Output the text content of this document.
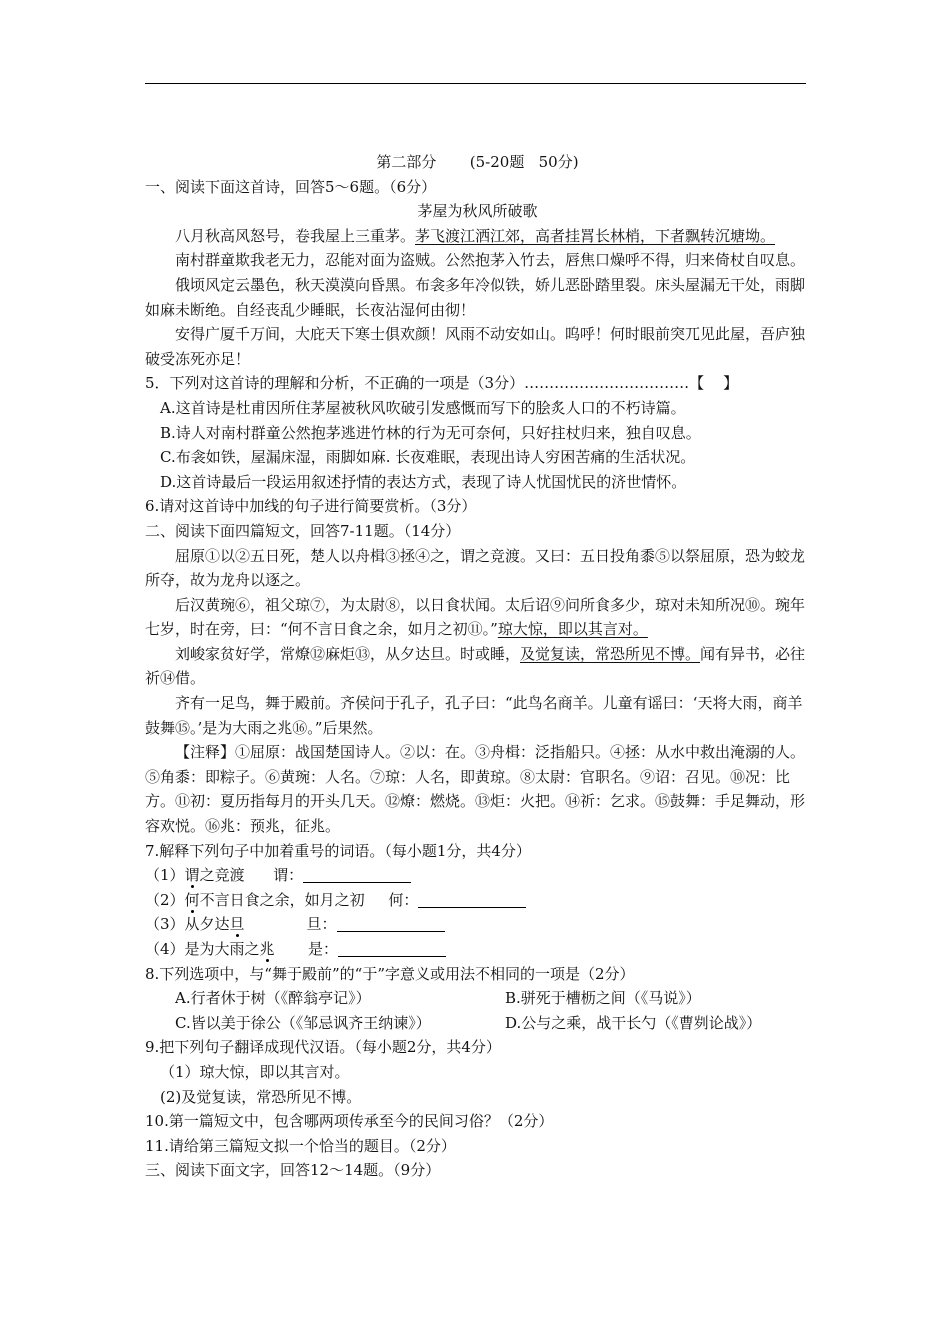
第二部分       (5-20题   50分)
一、阅读下面这首诗，回答5～6题。（6分）
茅屋为秋风所破歌
八月秋高风怒号，卷我屋上三重茅。茅飞渡江洒江郊，高者挂罥长林梢，下者飘转沉塘坳。
南村群童欺我老无力，忍能对面为盗贼。公然抱茅入竹去，唇焦口燥呼不得，归来倚杖自叹息。
俄顷风定云墨色，秋天漠漠向昏黑。布衾多年冷似铁，娇儿恶卧踏里裂。床头屋漏无干处，雨脚如麻未断绝。自经丧乱少睡眠，长夜沾湿何由彻！
安得广厦千万间，大庇天下寒士俱欢颜！风雨不动安如山。呜呼！何时眼前突兀见此屋，吾庐独破受冻死亦足！
5．下列对这首诗的理解和分析，不正确的一项是（3分）……………………………【    】
A.这首诗是杜甫因所住茅屋被秋风吹破引发感慨而写下的脍炙人口的不朽诗篇。
B.诗人对南村群童公然抱茅逃进竹林的行为无可奈何，只好拄杖归来，独自叹息。
C.布衾如铁，屋漏床湿，雨脚如麻. 长夜难眠，表现出诗人穷困苦痛的生活状况。
D.这首诗最后一段运用叙述抒情的表达方式，表现了诗人忧国忧民的济世情怀。
6.请对这首诗中加线的句子进行简要赏析。（3分）
二、阅读下面四篇短文，回答7-11题。（14分）
屈原①以②五日死，楚人以舟楫③拯④之，谓之竞渡。又曰：五日投角黍⑤以祭屈原，恐为蛟龙所夺，故为龙舟以逐之。
后汉黄琬⑥，祖父琼⑦，为太尉⑧，以日食状闻。太后诏⑨问所食多少，琼对未知所况⑩。琬年七岁，时在旁，曰：“何不言日食之余，如月之初⑪。”琼大惊，即以其言对。
刘峻家贫好学，常燎⑫麻炬⑬，从夕达旦。时或睡，及觉复读，常恐所见不博。闻有异书，必往祈⑭借。
齐有一足鸟，舞于殿前。齐侯问于孔子，孔子曰：“此鸟名商羊。儿童有谣曰：‘天将大雨，商羊鼓舞⑮。’是为大雨之兆⑯。”后果然。
【注释】①屈原：战国楚国诗人。②以：在。③舟楫：泛指船只。④拯：从水中救出淹溺的人。⑤角黍：即粽子。⑥黄琬：人名。⑦琼：人名，即黄琼。⑧太尉：官职名。⑨诏：召见。⑩况：比方。⑪初：夏历指每月的开头几天。⑫燎：燃烧。⑬炬：火把。⑭祈：乞求。⑮鼓舞：手足舞动，形容欢悦。⑯兆：预兆，征兆。
7.解释下列句子中加着重号的词语。（每小题1分，共4分）
（1）谓之竞渡      谓：
（2）何不言日食之余，如月之初     何：
（3）从夕达旦             旦：
（4）是为大雨之兆       是：
8.下列选项中，与“舞于殿前”的“于”字意义或用法不相同的一项是（2分）
A.行者休于树（《醉翁亭记》）	B.骈死于槽枥之间（《马说》）
C.皆以美于徐公（《邹忌讽齐王纳谏》）	D.公与之乘，战干长勺（《曹刿论战》）
9.把下列句子翻译成现代汉语。（每小题2分，共4分）
（1）琼大惊，即以其言对。
(2)及觉复读，常恐所见不博。
10.第一篇短文中，包含哪两项传承至今的民间习俗？（2分）
11.请给第三篇短文拟一个恰当的题目。（2分）
三、阅读下面文字，回答12～14题。（9分）
